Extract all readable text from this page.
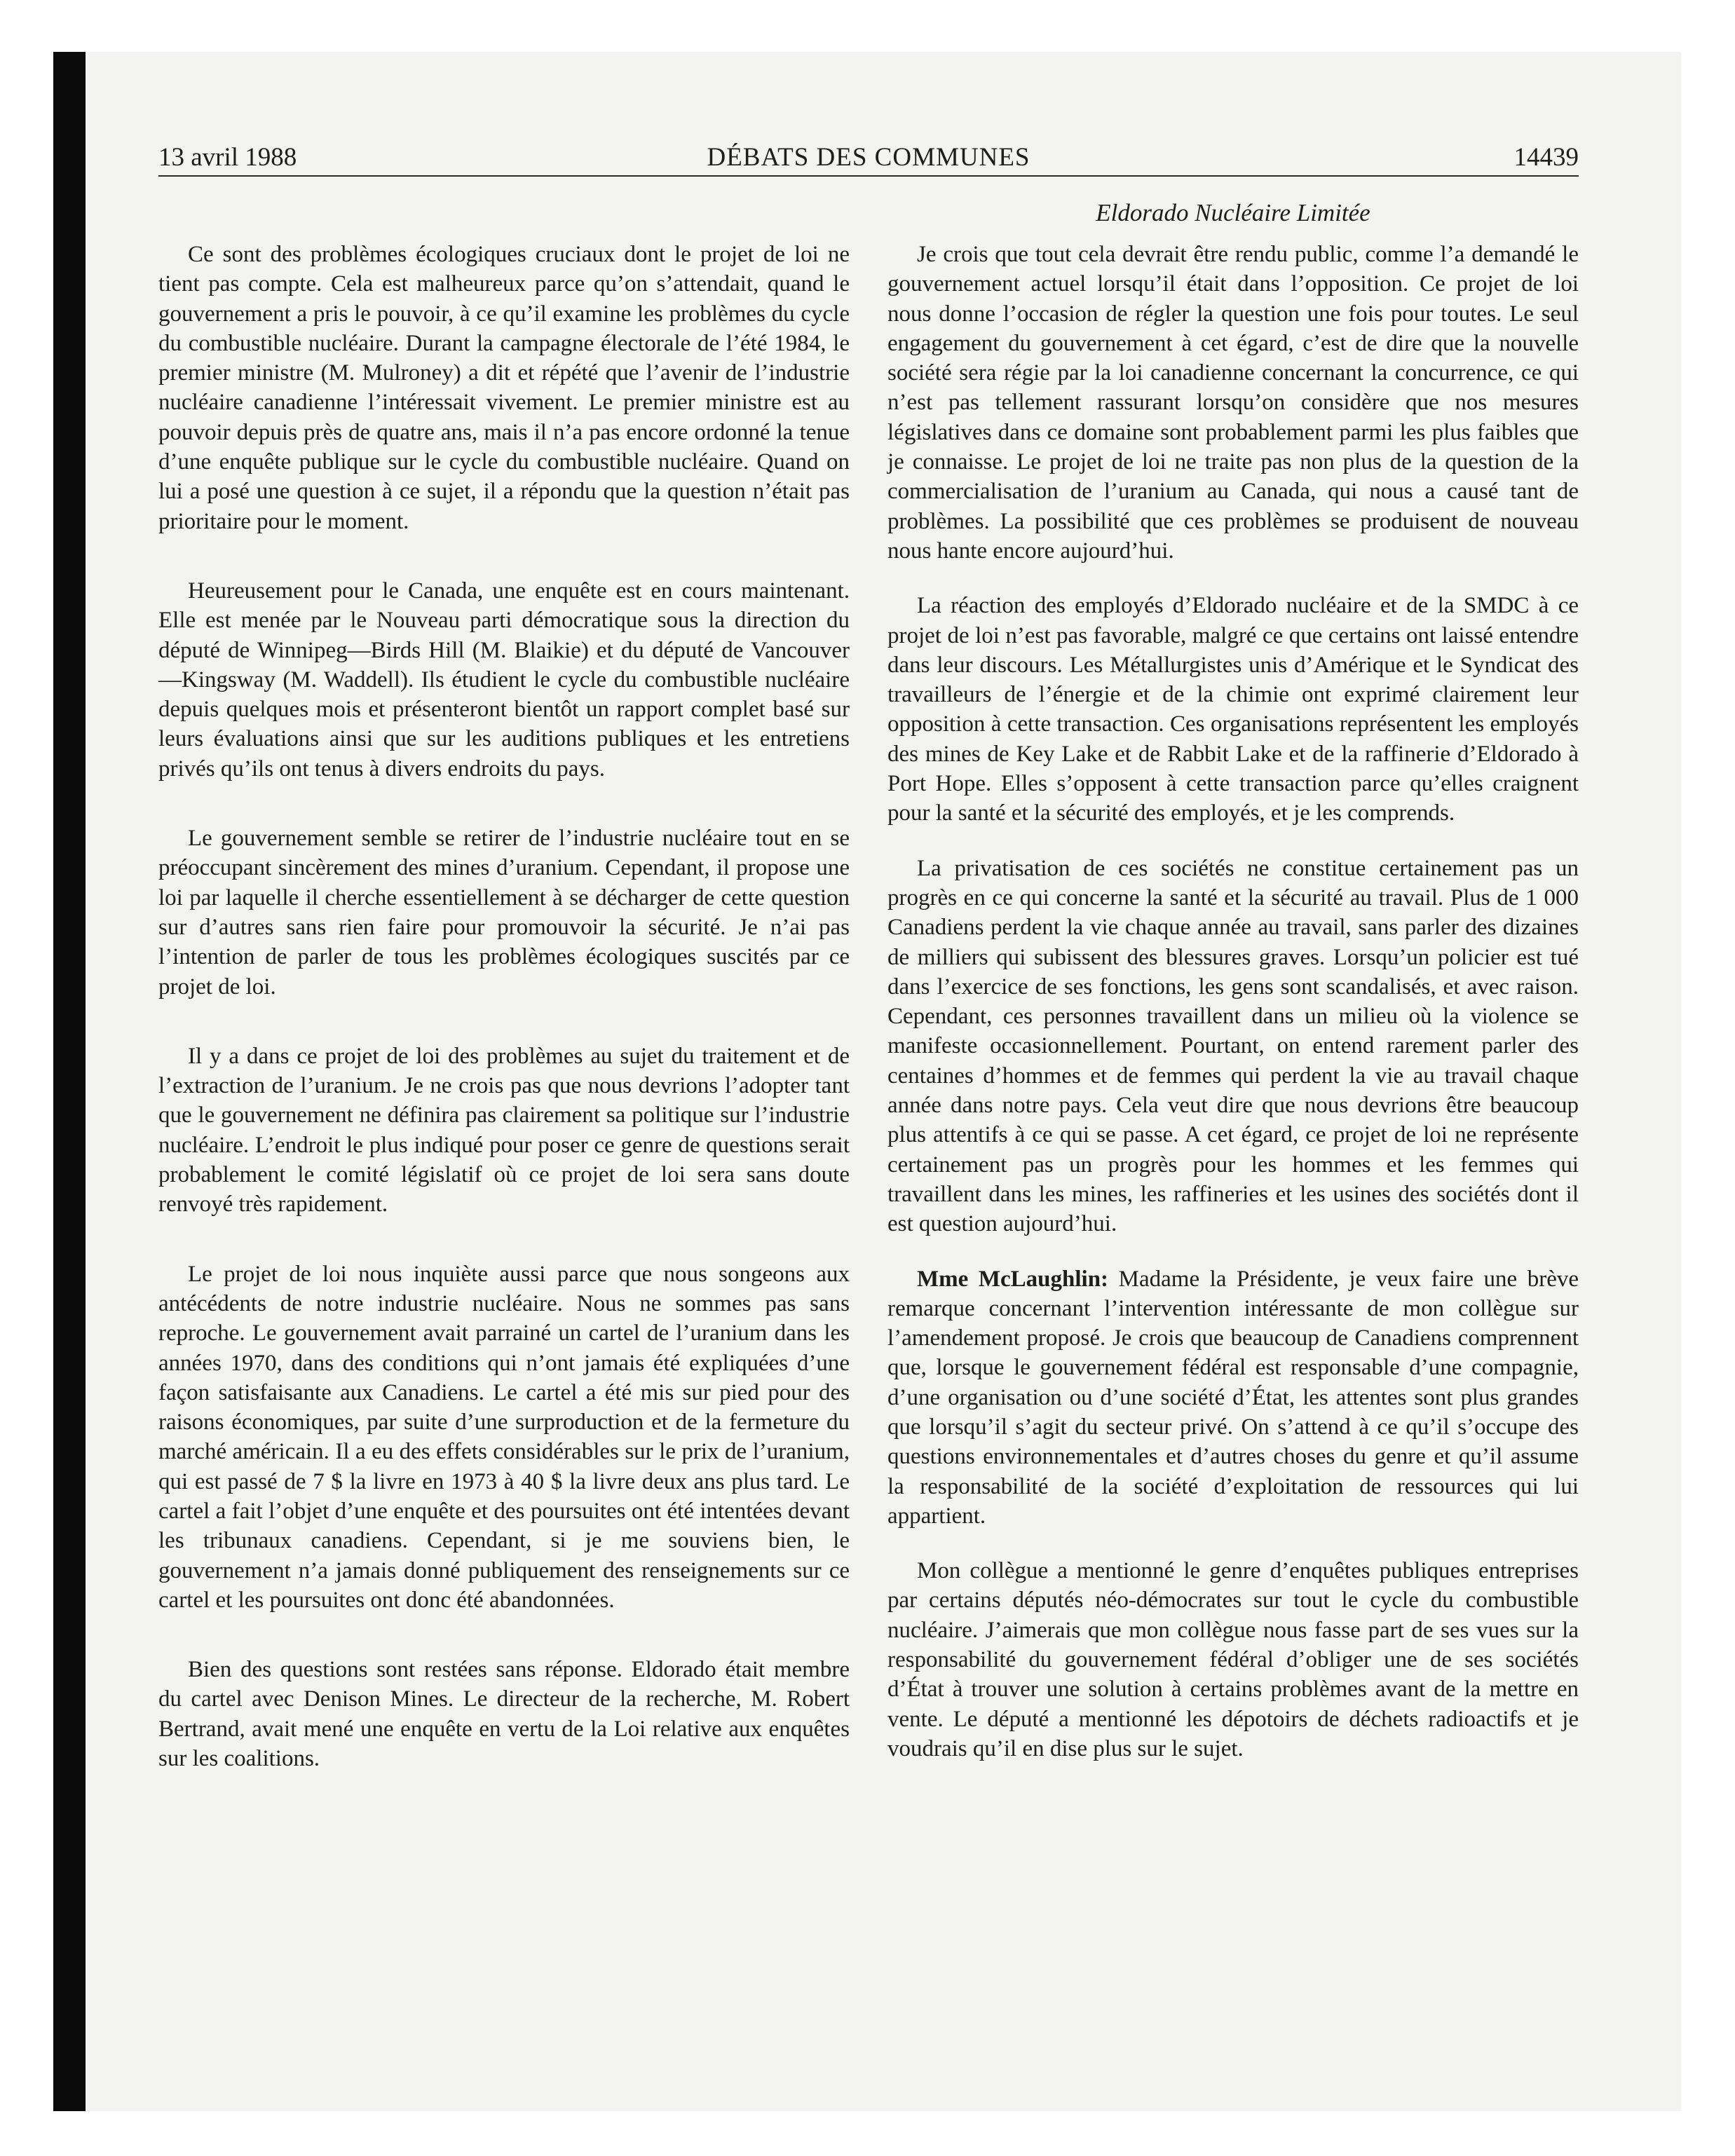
13 avril 1988	DÉBATS DES COMMUNES	14439
Eldorado Nucléaire Limitée

Ce sont des problèmes écologiques cruciaux dont le projet de loi ne tient pas compte. Cela est malheureux parce qu’on s’attendait, quand le gouvernement a pris le pouvoir, à ce qu’il examine les problèmes du cycle du combustible nucléaire. Durant la campagne électorale de l’été 1984, le premier ministre (M. Mulroney) a dit et répété que l’avenir de l’industrie nucléaire canadienne l’intéressait vivement. Le premier ministre est au pouvoir depuis près de quatre ans, mais il n’a pas encore ordonné la tenue d’une enquête publique sur le cycle du combustible nucléaire. Quand on lui a posé une question à ce sujet, il a répondu que la question n’était pas prioritaire pour le moment.

Heureusement pour le Canada, une enquête est en cours maintenant. Elle est menée par le Nouveau parti démocratique sous la direction du député de Winnipeg—Birds Hill (M. Blaikie) et du député de Vancouver—Kingsway (M. Waddell). Ils étudient le cycle du combustible nucléaire depuis quelques mois et présenteront bientôt un rapport complet basé sur leurs évaluations ainsi que sur les auditions publiques et les entretiens privés qu’ils ont tenus à divers endroits du pays.

Le gouvernement semble se retirer de l’industrie nucléaire tout en se préoccupant sincèrement des mines d’uranium. Cependant, il propose une loi par laquelle il cherche essentiellement à se décharger de cette question sur d’autres sans rien faire pour promouvoir la sécurité. Je n’ai pas l’intention de parler de tous les problèmes écologiques suscités par ce projet de loi.

Il y a dans ce projet de loi des problèmes au sujet du traitement et de l’extraction de l’uranium. Je ne crois pas que nous devrions l’adopter tant que le gouvernement ne définira pas clairement sa politique sur l’industrie nucléaire. L’endroit le plus indiqué pour poser ce genre de questions serait probablement le comité législatif où ce projet de loi sera sans doute renvoyé très rapidement.

Le projet de loi nous inquiète aussi parce que nous songeons aux antécédents de notre industrie nucléaire. Nous ne sommes pas sans reproche. Le gouvernement avait parrainé un cartel de l’uranium dans les années 1970, dans des conditions qui n’ont jamais été expliquées d’une façon satisfaisante aux Canadiens. Le cartel a été mis sur pied pour des raisons économiques, par suite d’une surproduction et de la fermeture du marché américain. Il a eu des effets considérables sur le prix de l’uranium, qui est passé de 7 $ la livre en 1973 à 40 $ la livre deux ans plus tard. Le cartel a fait l’objet d’une enquête et des poursuites ont été intentées devant les tribunaux canadiens. Cependant, si je me souviens bien, le gouvernement n’a jamais donné publiquement des renseignements sur ce cartel et les poursuites ont donc été abandonnées.

Bien des questions sont restées sans réponse. Eldorado était membre du cartel avec Denison Mines. Le directeur de la recherche, M. Robert Bertrand, avait mené une enquête en vertu de la Loi relative aux enquêtes sur les coalitions.

Je crois que tout cela devrait être rendu public, comme l’a demandé le gouvernement actuel lorsqu’il était dans l’opposition. Ce projet de loi nous donne l’occasion de régler la question une fois pour toutes. Le seul engagement du gouvernement à cet égard, c’est de dire que la nouvelle société sera régie par la loi canadienne concernant la concurrence, ce qui n’est pas tellement rassurant lorsqu’on considère que nos mesures législatives dans ce domaine sont probablement parmi les plus faibles que je connaisse. Le projet de loi ne traite pas non plus de la question de la commercialisation de l’uranium au Canada, qui nous a causé tant de problèmes. La possibilité que ces problèmes se produisent de nouveau nous hante encore aujourd’hui.

La réaction des employés d’Eldorado nucléaire et de la SMDC à ce projet de loi n’est pas favorable, malgré ce que certains ont laissé entendre dans leur discours. Les Métallurgistes unis d’Amérique et le Syndicat des travailleurs de l’énergie et de la chimie ont exprimé clairement leur opposition à cette transaction. Ces organisations représentent les employés des mines de Key Lake et de Rabbit Lake et de la raffinerie d’Eldorado à Port Hope. Elles s’opposent à cette transaction parce qu’elles craignent pour la santé et la sécurité des employés, et je les comprends.

La privatisation de ces sociétés ne constitue certainement pas un progrès en ce qui concerne la santé et la sécurité au travail. Plus de 1 000 Canadiens perdent la vie chaque année au travail, sans parler des dizaines de milliers qui subissent des blessures graves. Lorsqu’un policier est tué dans l’exercice de ses fonctions, les gens sont scandalisés, et avec raison. Cependant, ces personnes travaillent dans un milieu où la violence se manifeste occasionnellement. Pourtant, on entend rarement parler des centaines d’hommes et de femmes qui perdent la vie au travail chaque année dans notre pays. Cela veut dire que nous devrions être beaucoup plus attentifs à ce qui se passe. A cet égard, ce projet de loi ne représente certainement pas un progrès pour les hommes et les femmes qui travaillent dans les mines, les raffineries et les usines des sociétés dont il est question aujourd’hui.

Mme McLaughlin: Madame la Présidente, je veux faire une brève remarque concernant l’intervention intéressante de mon collègue sur l’amendement proposé. Je crois que beaucoup de Canadiens comprennent que, lorsque le gouvernement fédéral est responsable d’une compagnie, d’une organisation ou d’une société d’État, les attentes sont plus grandes que lorsqu’il s’agit du secteur privé. On s’attend à ce qu’il s’occupe des questions environnementales et d’autres choses du genre et qu’il assume la responsabilité de la société d’exploitation de ressources qui lui appartient.

Mon collègue a mentionné le genre d’enquêtes publiques entreprises par certains députés néo-démocrates sur tout le cycle du combustible nucléaire. J’aimerais que mon collègue nous fasse part de ses vues sur la responsabilité du gouvernement fédéral d’obliger une de ses sociétés d’État à trouver une solution à certains problèmes avant de la mettre en vente. Le député a mentionné les dépotoirs de déchets radioactifs et je voudrais qu’il en dise plus sur le sujet.
